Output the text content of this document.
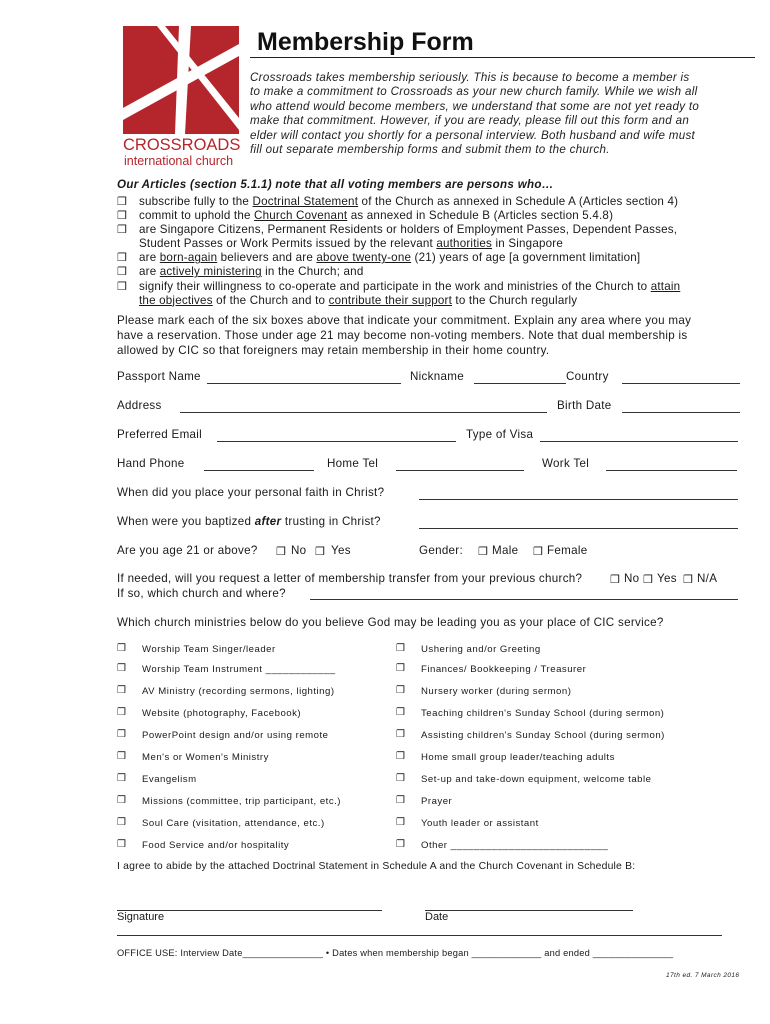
CROSSROADS
international church
Membership Form
Crossroads takes membership seriously. This is because to become a member is
to make a commitment to Crossroads as your new church family. While we wish all
who attend would become members, we understand that some are not yet ready to
make that commitment. However, if you are ready, please fill out this form and an
elder will contact you shortly for a personal interview. Both husband and wife must
fill out separate membership forms and submit them to the church.
Our Articles (section 5.1.1) note that all voting members are persons who…
❒ subscribe fully to the Doctrinal Statement of the Church as annexed in Schedule A (Articles section 4)
❒ commit to uphold the Church Covenant as annexed in Schedule B (Articles section 5.4.8)
❒ are Singapore Citizens, Permanent Residents or holders of Employment Passes, Dependent Passes,
Student Passes or Work Permits issued by the relevant authorities in Singapore
❒ are born-again believers and are above twenty-one (21) years of age [a government limitation]
❒ are actively ministering in the Church; and
❒ signify their willingness to co-operate and participate in the work and ministries of the Church to attain
the objectives of the Church and to contribute their support to the Church regularly
Please mark each of the six boxes above that indicate your commitment. Explain any area where you may
have a reservation. Those under age 21 may become non-voting members. Note that dual membership is
allowed by CIC so that foreigners may retain membership in their home country.
Passport Name	Nickname	Country
Address	Birth Date
Preferred Email	Type of Visa
Hand Phone	Home Tel	Work Tel
When did you place your personal faith in Christ?
When were you baptized after trusting in Christ?
Are you age 21 or above? ❒ No ❒ Yes	Gender: ❒ Male ❒ Female
If needed, will you request a letter of membership transfer from your previous church?	❒ No ❒ Yes ❒ N/A
If so, which church and where?
Which church ministries below do you believe God may be leading you as your place of CIC service?
❒ Worship Team Singer/leader
❒ Worship Team Instrument ____________
❒ AV Ministry (recording sermons, lighting)
❒ Website (photography, Facebook)
❒ PowerPoint design and/or using remote
❒ Men's or Women's Ministry
❒ Evangelism
❒ Missions (committee, trip participant, etc.)
❒ Soul Care (visitation, attendance, etc.)
❒ Food Service and/or hospitality
❒ Ushering and/or Greeting
❒ Finances/ Bookkeeping / Treasurer
❒ Nursery worker (during sermon)
❒ Teaching children's Sunday School (during sermon)
❒ Assisting children's Sunday School (during sermon)
❒ Home small group leader/teaching adults
❒ Set-up and take-down equipment, welcome table
❒ Prayer
❒ Youth leader or assistant
❒ Other ___________________________
I agree to abide by the attached Doctrinal Statement in Schedule A and the Church Covenant in Schedule B:
Signature	Date
OFFICE USE: Interview Date_______________ • Dates when membership began _____________ and ended _______________
17th ed. 7 March 2016
